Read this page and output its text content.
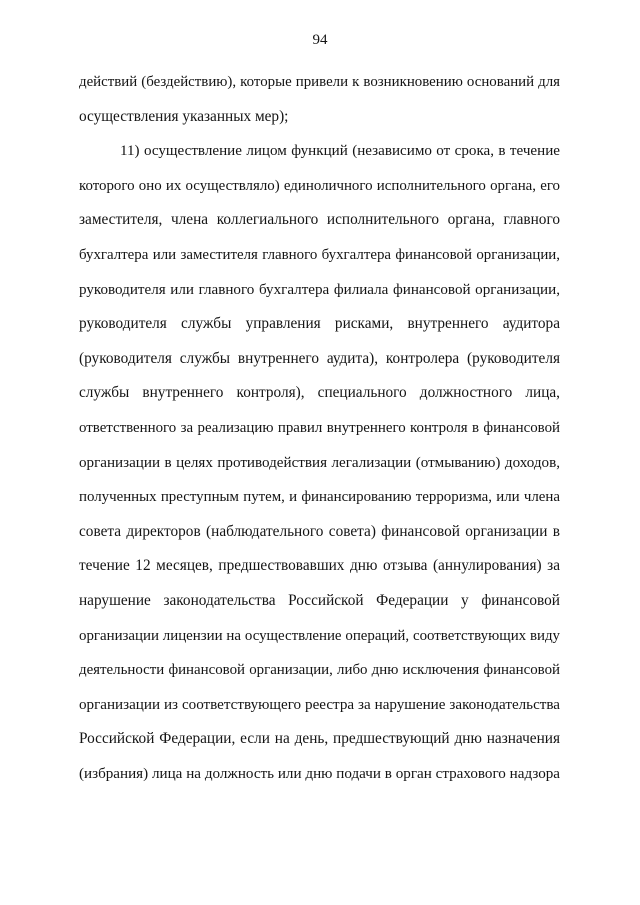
94
действий (бездействию), которые привели к возникновению оснований для
осуществления указанных мер);
11) осуществление лицом функций (независимо от срока, в течение
которого оно их осуществляло) единоличного исполнительного органа, его
заместителя, члена коллегиального исполнительного органа, главного
бухгалтера или заместителя главного бухгалтера финансовой организации,
руководителя или главного бухгалтера филиала финансовой организации,
руководителя службы управления рисками, внутреннего аудитора
(руководителя службы внутреннего аудита), контролера (руководителя
службы внутреннего контроля), специального должностного лица,
ответственного за реализацию правил внутреннего контроля в финансовой
организации в целях противодействия легализации (отмыванию) доходов,
полученных преступным путем, и финансированию терроризма, или члена
совета директоров (наблюдательного совета) финансовой организации в
течение 12 месяцев, предшествовавших дню отзыва (аннулирования) за
нарушение законодательства Российской Федерации у финансовой
организации лицензии на осуществление операций, соответствующих виду
деятельности финансовой организации, либо дню исключения финансовой
организации из соответствующего реестра за нарушение законодательства
Российской Федерации, если на день, предшествующий дню назначения
(избрания) лица на должность или дню подачи в орган страхового надзора
